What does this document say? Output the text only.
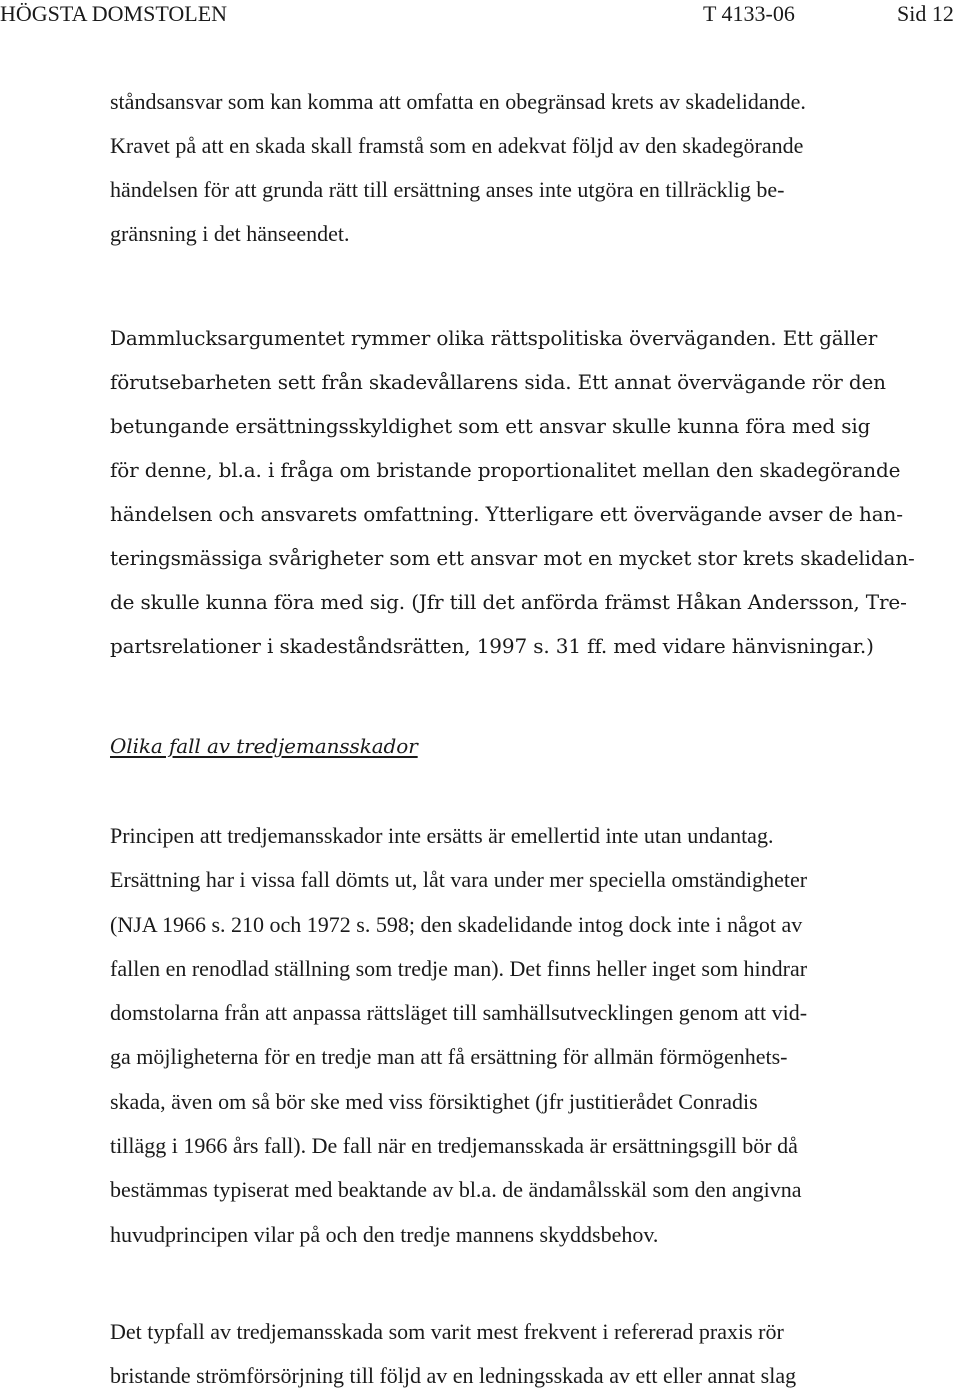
HÖGSTA DOMSTOLEN	T 4133-06	Sid 12

ståndsansvar som kan komma att omfatta en obegränsad krets av skadelidande.
Kravet på att en skada skall framstå som en adekvat följd av den skadegörande
händelsen för att grunda rätt till ersättning anses inte utgöra en tillräcklig be-
gränsning i det hänseendet.

Dammlucksargumentet rymmer olika rättspolitiska överväganden. Ett gäller
förutsebarheten sett från skadevållarens sida. Ett annat övervägande rör den
betungande ersättningsskyldighet som ett ansvar skulle kunna föra med sig
för denne, bl.a. i fråga om bristande proportionalitet mellan den skadegörande
händelsen och ansvarets omfattning. Ytterligare ett övervägande avser de han-
teringsmässiga svårigheter som ett ansvar mot en mycket stor krets skadelidan-
de skulle kunna föra med sig. (Jfr till det anförda främst Håkan Andersson, Tre-
partsrelationer i skadeståndsrätten, 1997 s. 31 ff. med vidare hänvisningar.)

Olika fall av tredjemansskador

Principen att tredjemansskador inte ersätts är emellertid inte utan undantag.
Ersättning har i vissa fall dömts ut, låt vara under mer speciella omständigheter
(NJA 1966 s. 210 och 1972 s. 598; den skadelidande intog dock inte i något av
fallen en renodlad ställning som tredje man). Det finns heller inget som hindrar
domstolarna från att anpassa rättsläget till samhällsutvecklingen genom att vid-
ga möjligheterna för en tredje man att få ersättning för allmän förmögenhets-
skada, även om så bör ske med viss försiktighet (jfr justitierådet Conradis
tillägg i 1966 års fall). De fall när en tredjemansskada är ersättningsgill bör då
bestämmas typiserat med beaktande av bl.a. de ändamålsskäl som den angivna
huvudprincipen vilar på och den tredje mannens skyddsbehov.

Det typfall av tredjemansskada som varit mest frekvent i refererad praxis rör
bristande strömförsörjning till följd av en ledningsskada av ett eller annat slag
